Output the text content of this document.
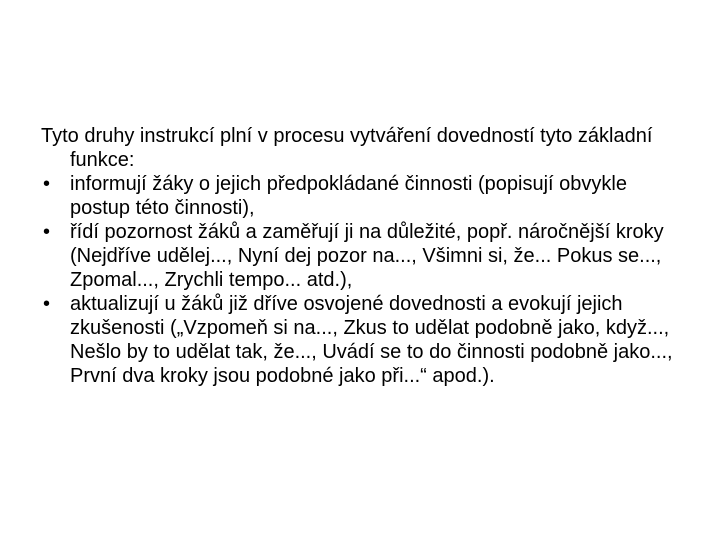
Tyto druhy instrukcí plní v procesu vytváření dovedností tyto základní funkce:

• informují žáky o jejich předpokládané činnosti (popisují obvykle postup této činnosti),
• řídí pozornost žáků a zaměřují ji na důležité, popř. náročnější kroky (Nejdříve udělej..., Nyní dej pozor na..., Všimni si, že... Pokus se..., Zpomal..., Zrychli tempo... atd.),
• aktualizují u žáků již dříve osvojené dovednosti a evokují jejich zkušenosti („Vzpomeň si na..., Zkus to udělat podobně jako, když..., Nešlo by to udělat tak, že..., Uvádí se to do činnosti podobně jako..., První dva kroky jsou podobné jako při...“ apod.).
